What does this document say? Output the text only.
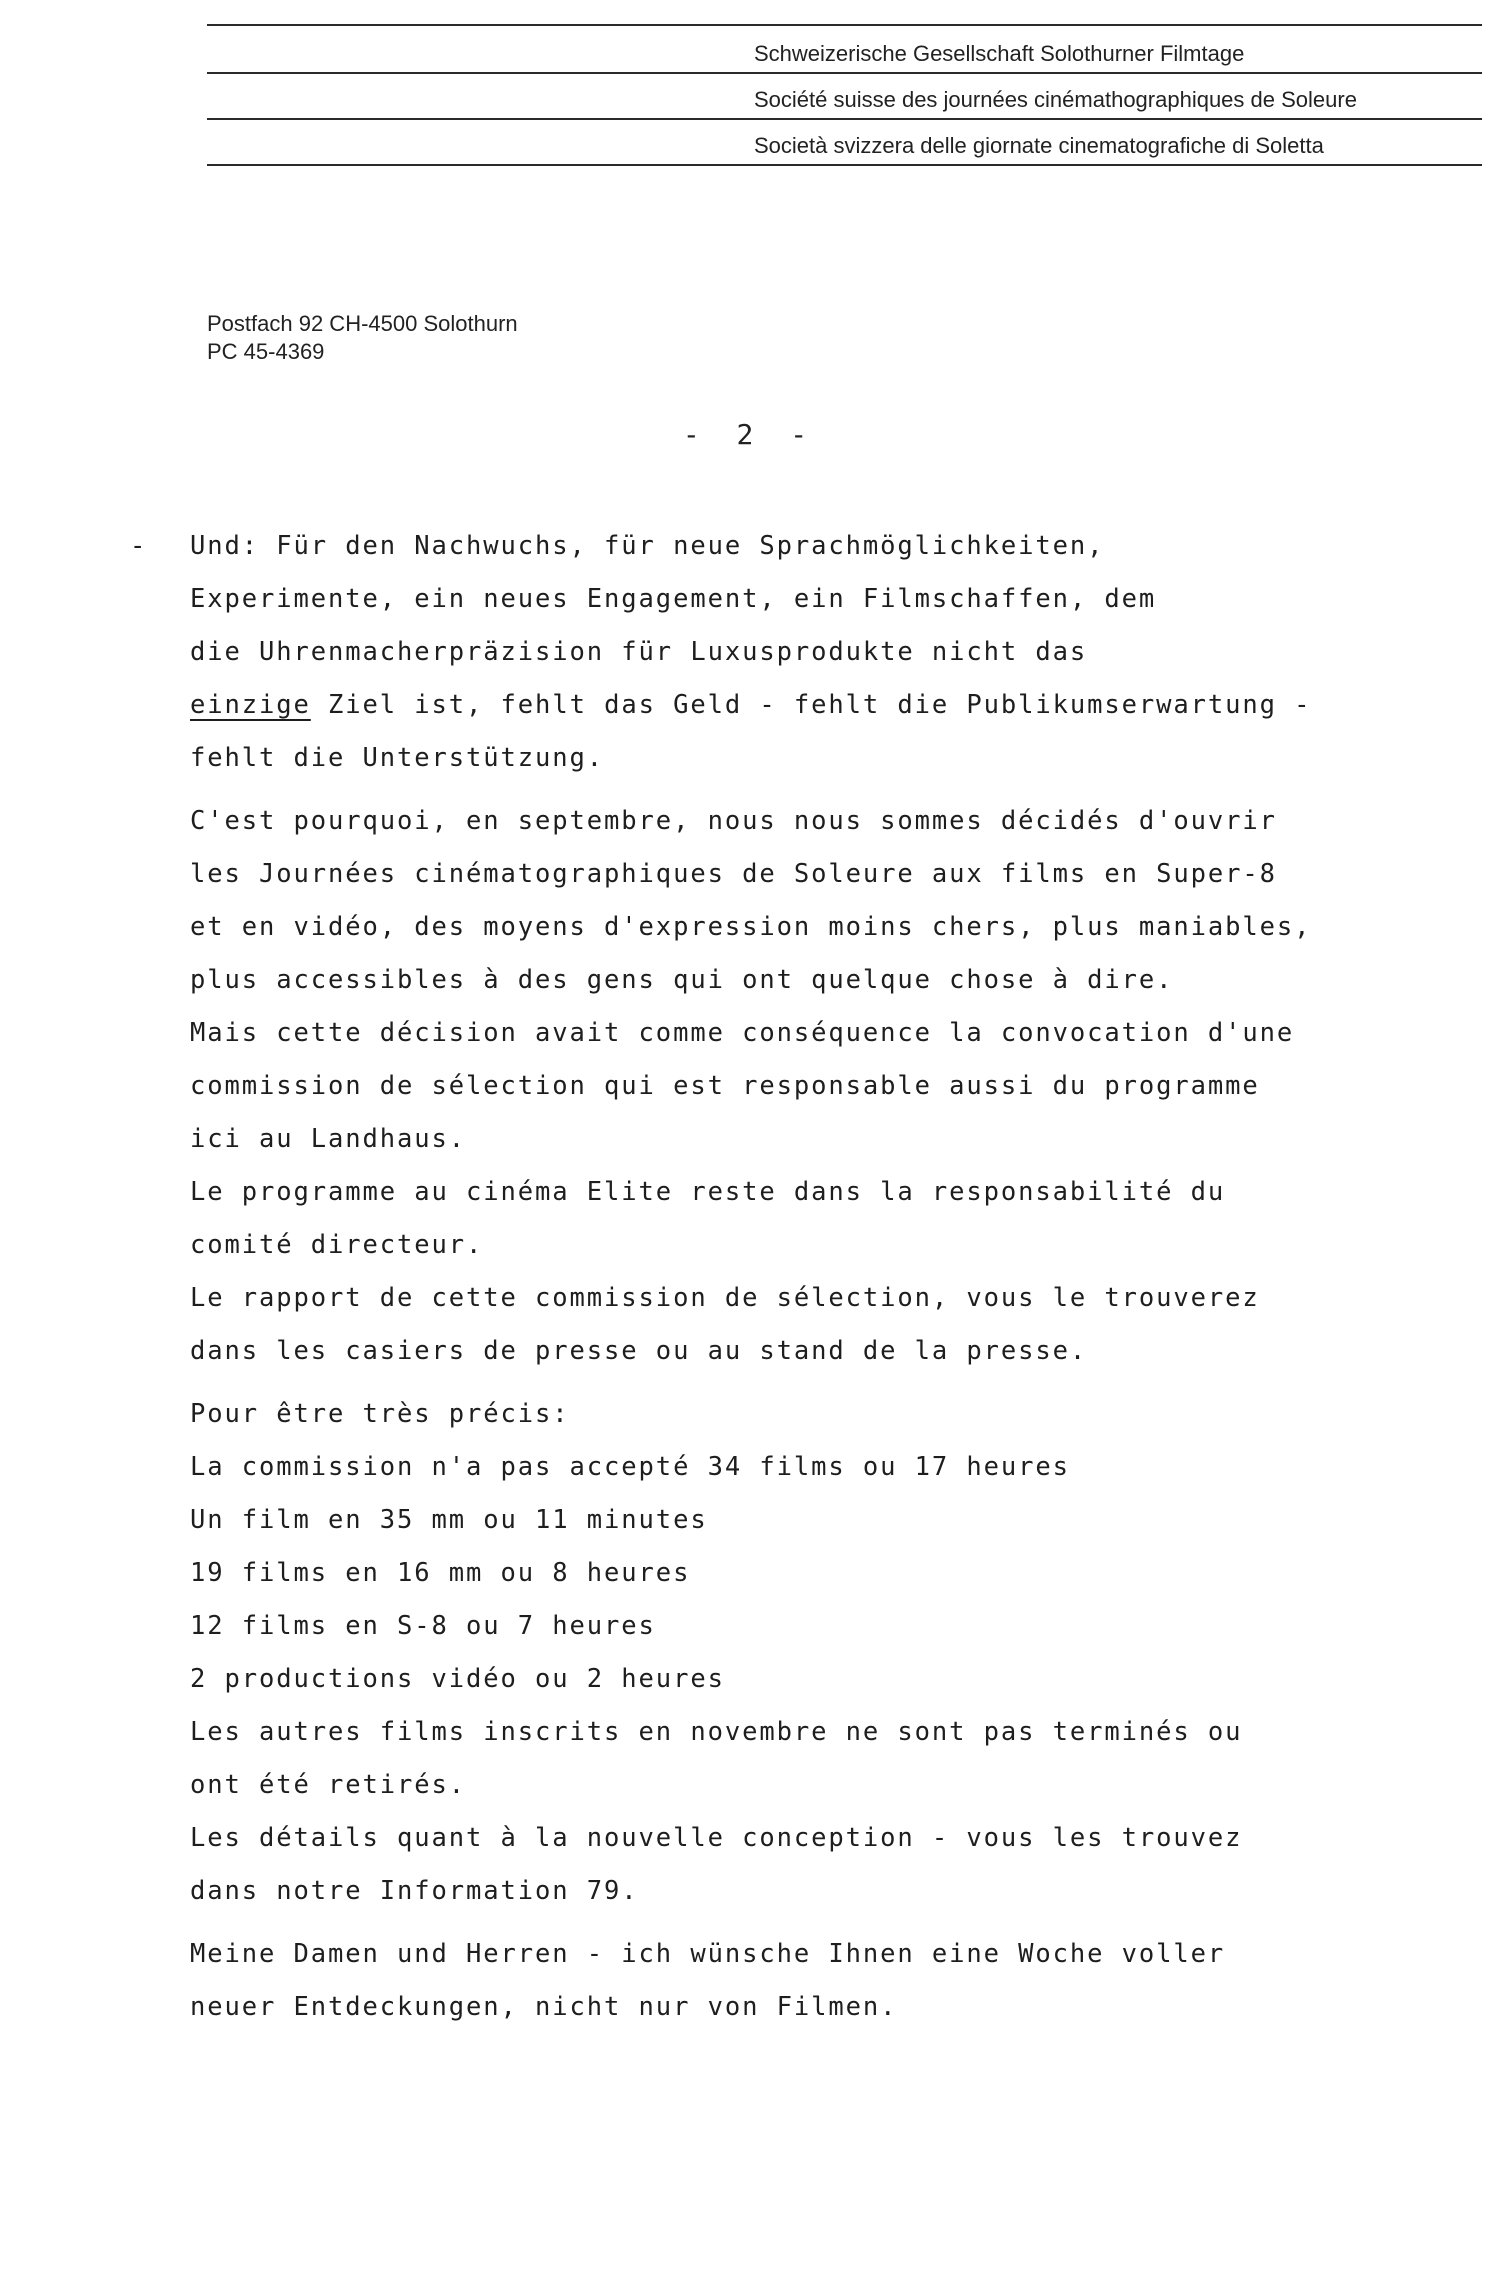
Schweizerische Gesellschaft Solothurner Filmtage
Société suisse des journées cinémathographiques de Soleure
Società svizzera delle giornate cinematografiche di Soletta
Postfach 92 CH-4500 Solothurn
PC 45-4369
- 2 -
- Und: Für den Nachwuchs, für neue Sprachmöglichkeiten,
Experimente, ein neues Engagement, ein Filmschaffen, dem
die Uhrenmacherpräzision für Luxusprodukte nicht das
einzige Ziel ist, fehlt das Geld - fehlt die Publikumserwartung -
fehlt die Unterstützung.
C'est pourquoi, en septembre, nous nous sommes décidés d'ouvrir
les Journées cinématographiques de Soleure aux films en Super-8
et en vidéo, des moyens d'expression moins chers, plus maniables,
plus accessibles à des gens qui ont quelque chose à dire.
Mais cette décision avait comme conséquence la convocation d'une
commission de sélection qui est responsable aussi du programme
ici au Landhaus.
Le programme au cinéma Elite reste dans la responsabilité du
comité directeur.
Le rapport de cette commission de sélection, vous le trouverez
dans les casiers de presse ou au stand de la presse.
Pour être très précis:
La commission n'a pas accepté 34 films ou 17 heures
Un film en 35 mm ou 11 minutes
19 films en 16 mm ou 8 heures
12 films en S-8 ou 7 heures
2 productions vidéo ou 2 heures
Les autres films inscrits en novembre ne sont pas terminés ou
ont été retirés.
Les détails quant à la nouvelle conception - vous les trouvez
dans notre Information 79.
Meine Damen und Herren - ich wünsche Ihnen eine Woche voller
neuer Entdeckungen, nicht nur von Filmen.
